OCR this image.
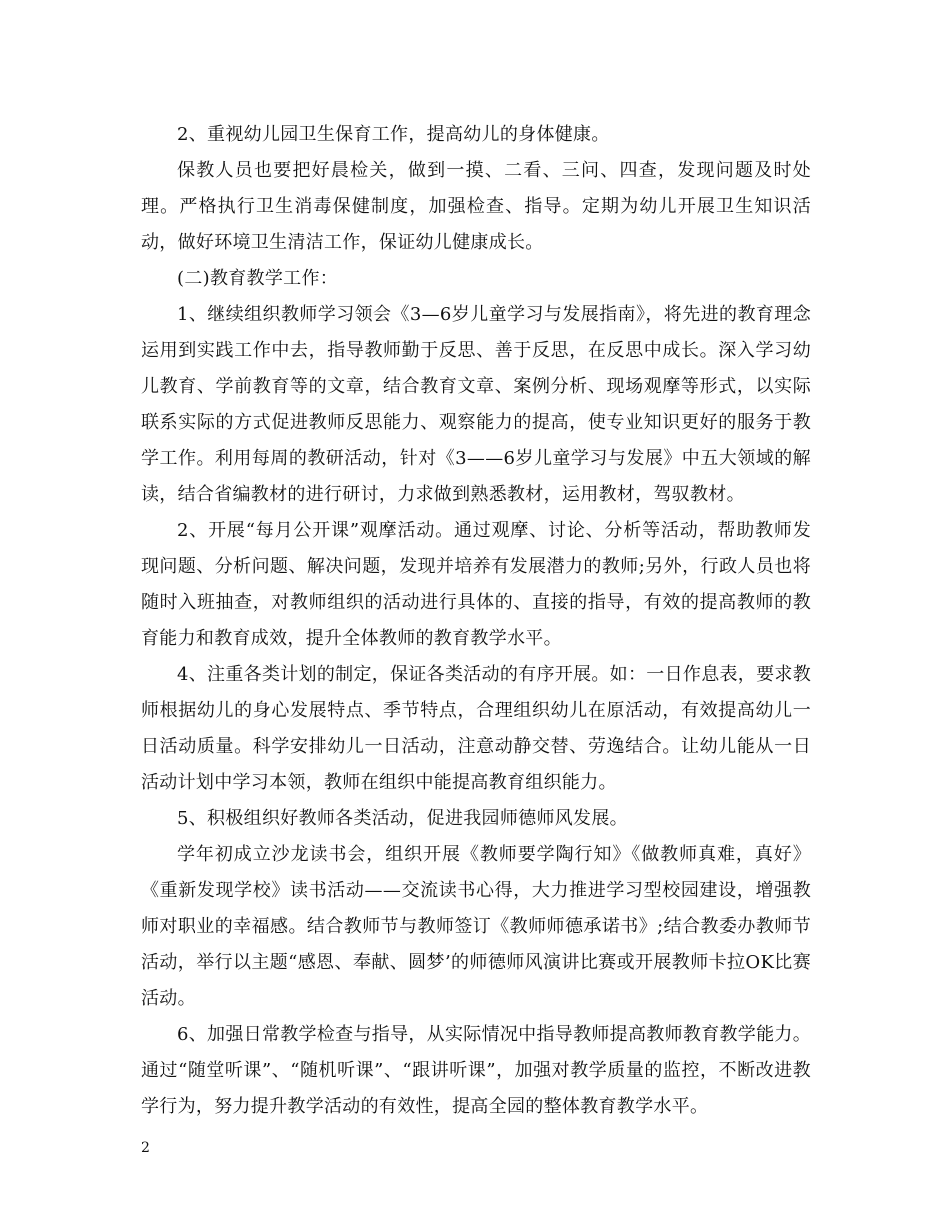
2、重视幼儿园卫生保育工作，提高幼儿的身体健康。

保教人员也要把好晨检关，做到一摸、二看、三问、四查，发现问题及时处理。严格执行卫生消毒保健制度，加强检查、指导。定期为幼儿开展卫生知识活动，做好环境卫生清洁工作，保证幼儿健康成长。

(二)教育教学工作：

1、继续组织教师学习领会《3—6岁儿童学习与发展指南》，将先进的教育理念运用到实践工作中去，指导教师勤于反思、善于反思，在反思中成长。深入学习幼儿教育、学前教育等的文章，结合教育文章、案例分析、现场观摩等形式，以实际联系实际的方式促进教师反思能力、观察能力的提高，使专业知识更好的服务于教学工作。利用每周的教研活动，针对《3——6岁儿童学习与发展》中五大领域的解读，结合省编教材的进行研讨，力求做到熟悉教材，运用教材，驾驭教材。

2、开展“每月公开课”观摩活动。通过观摩、讨论、分析等活动，帮助教师发现问题、分析问题、解决问题，发现并培养有发展潜力的教师;另外，行政人员也将随时入班抽查，对教师组织的活动进行具体的、直接的指导，有效的提高教师的教育能力和教育成效，提升全体教师的教育教学水平。

4、注重各类计划的制定，保证各类活动的有序开展。如：一日作息表，要求教师根据幼儿的身心发展特点、季节特点，合理组织幼儿在原活动，有效提高幼儿一日活动质量。科学安排幼儿一日活动，注意动静交替、劳逸结合。让幼儿能从一日活动计划中学习本领，教师在组织中能提高教育组织能力。

5、积极组织好教师各类活动，促进我园师德师风发展。

学年初成立沙龙读书会，组织开展《教师要学陶行知》《做教师真难，真好》《重新发现学校》读书活动——交流读书心得，大力推进学习型校园建设，增强教师对职业的幸福感。结合教师节与教师签订《教师师德承诺书》;结合教委办教师节活动，举行以主题“感恩、奉献、圆梦’的师德师风演讲比赛或开展教师卡拉OK比赛活动。

6、加强日常教学检查与指导，从实际情况中指导教师提高教师教育教学能力。通过“随堂听课”、“随机听课”、“跟讲听课”，加强对教学质量的监控，不断改进教学行为，努力提升教学活动的有效性，提高全园的整体教育教学水平。

2
